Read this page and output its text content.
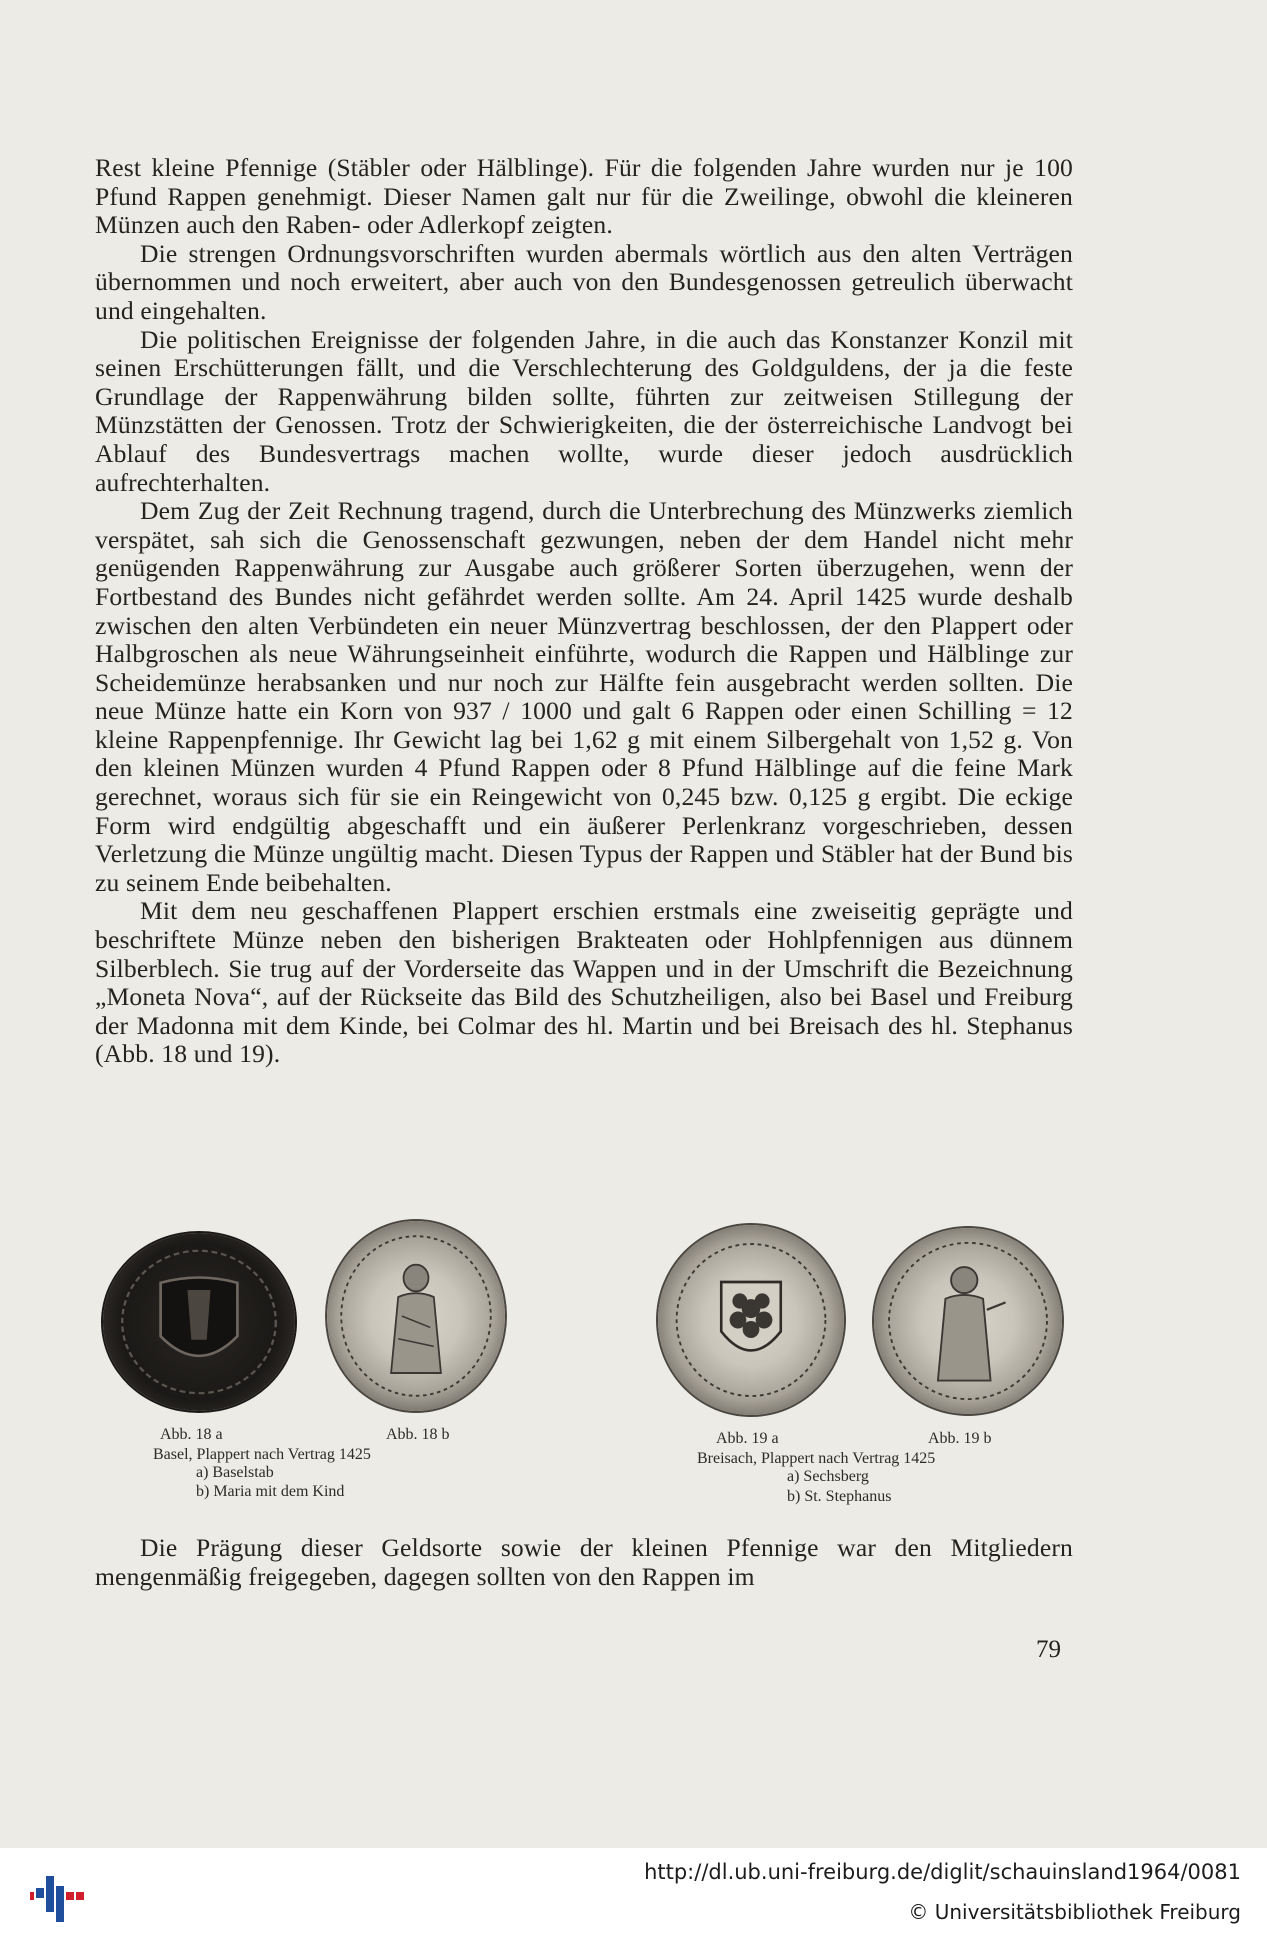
Rest kleine Pfennige (Stäbler oder Hälblinge). Für die folgenden Jahre wurden nur je 100 Pfund Rappen genehmigt. Dieser Namen galt nur für die Zweilinge, obwohl die kleineren Münzen auch den Raben- oder Adlerkopf zeigten.

Die strengen Ordnungsvorschriften wurden abermals wörtlich aus den alten Verträgen übernommen und noch erweitert, aber auch von den Bundesgenossen getreulich überwacht und eingehalten.

Die politischen Ereignisse der folgenden Jahre, in die auch das Konstanzer Konzil mit seinen Erschütterungen fällt, und die Verschlechterung des Goldguldens, der ja die feste Grundlage der Rappenwährung bilden sollte, führten zur zeitweisen Stillegung der Münzstätten der Genossen. Trotz der Schwierigkeiten, die der österreichische Landvogt bei Ablauf des Bundesvertrags machen wollte, wurde dieser jedoch ausdrücklich aufrechterhalten.

Dem Zug der Zeit Rechnung tragend, durch die Unterbrechung des Münzwerks ziemlich verspätet, sah sich die Genossenschaft gezwungen, neben der dem Handel nicht mehr genügenden Rappenwährung zur Ausgabe auch größerer Sorten überzugehen, wenn der Fortbestand des Bundes nicht gefährdet werden sollte. Am 24. April 1425 wurde deshalb zwischen den alten Verbündeten ein neuer Münzvertrag beschlossen, der den Plappert oder Halbgroschen als neue Währungseinheit einführte, wodurch die Rappen und Hälblinge zur Scheidemünze herabsanken und nur noch zur Hälfte fein ausgebracht werden sollten. Die neue Münze hatte ein Korn von 937 / 1000 und galt 6 Rappen oder einen Schilling = 12 kleine Rappenpfennige. Ihr Gewicht lag bei 1,62 g mit einem Silbergehalt von 1,52 g. Von den kleinen Münzen wurden 4 Pfund Rappen oder 8 Pfund Hälblinge auf die feine Mark gerechnet, woraus sich für sie ein Reingewicht von 0,245 bzw. 0,125 g ergibt. Die eckige Form wird endgültig abgeschafft und ein äußerer Perlenkranz vorgeschrieben, dessen Verletzung die Münze ungültig macht. Diesen Typus der Rappen und Stäbler hat der Bund bis zu seinem Ende beibehalten.

Mit dem neu geschaffenen Plappert erschien erstmals eine zweiseitig geprägte und beschriftete Münze neben den bisherigen Brakteaten oder Hohlpfennigen aus dünnem Silberblech. Sie trug auf der Vorderseite das Wappen und in der Umschrift die Bezeichnung „Moneta Nova“, auf der Rückseite das Bild des Schutzheiligen, also bei Basel und Freiburg der Madonna mit dem Kinde, bei Colmar des hl. Martin und bei Breisach des hl. Stephanus (Abb. 18 und 19).

Abb. 18 a	Abb. 18 b
Basel, Plappert nach Vertrag 1425
a) Baselstab
b) Maria mit dem Kind
Abb. 19 a	Abb. 19 b
Breisach, Plappert nach Vertrag 1425
a) Sechsberg
b) St. Stephanus

Die Prägung dieser Geldsorte sowie der kleinen Pfennige war den Mitgliedern mengenmäßig freigegeben, dagegen sollten von den Rappen im

79
http://dl.ub.uni-freiburg.de/diglit/schauinsland1964/0081
© Universitätsbibliothek Freiburg
